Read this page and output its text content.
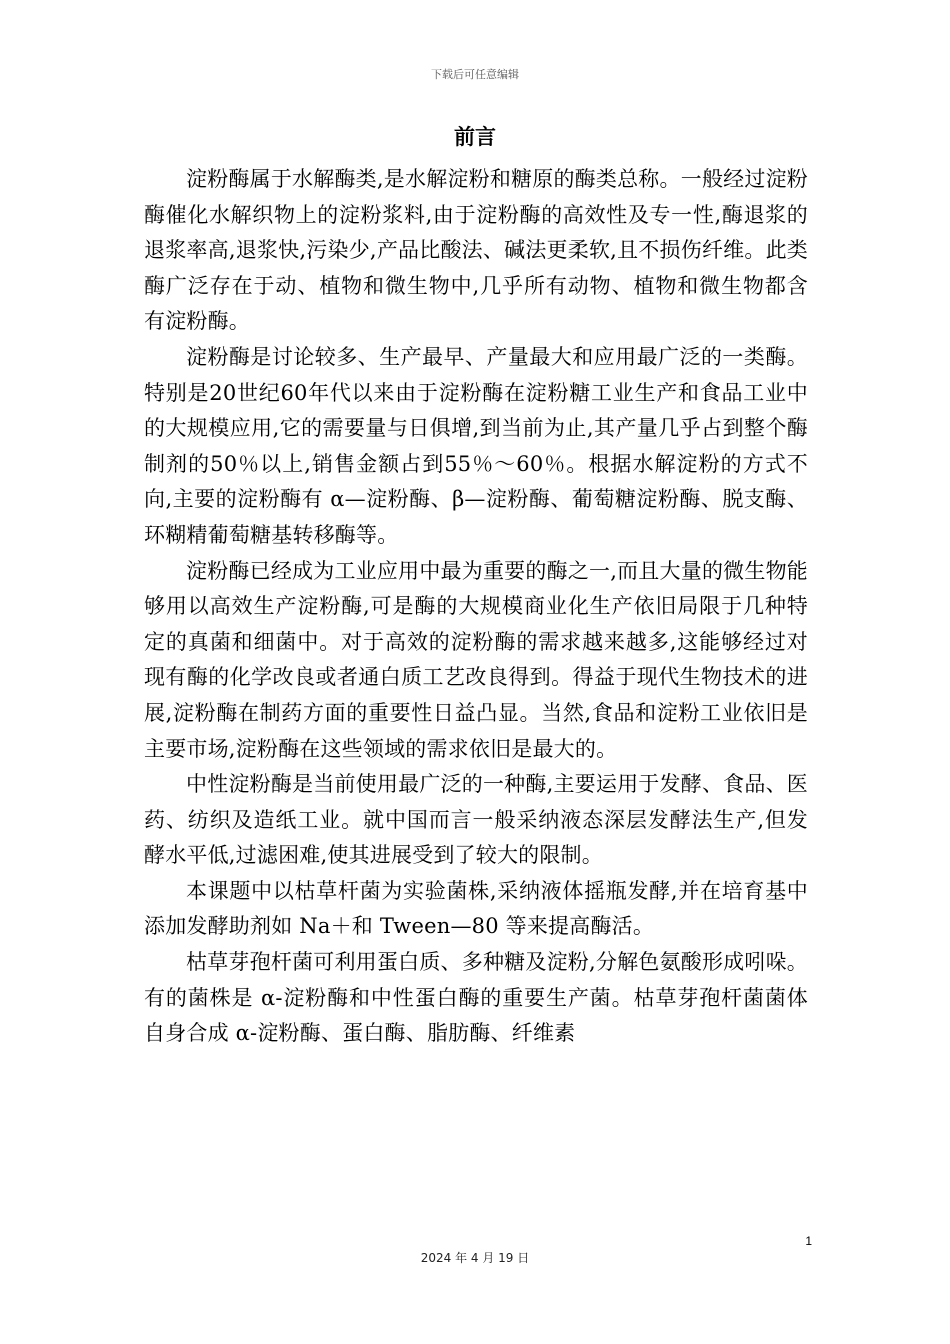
下载后可任意编辑
前言

淀粉酶属于水解酶类,是水解淀粉和糖原的酶类总称。一般经过淀粉酶催化水解织物上的淀粉浆料,由于淀粉酶的高效性及专一性,酶退浆的退浆率高,退浆快,污染少,产品比酸法、碱法更柔软,且不损伤纤维。此类酶广泛存在于动、植物和微生物中,几乎所有动物、植物和微生物都含有淀粉酶。

淀粉酶是讨论较多、生产最早、产量最大和应用最广泛的一类酶。特别是20世纪60年代以来由于淀粉酶在淀粉糖工业生产和食品工业中的大规模应用,它的需要量与日俱增,到当前为止,其产量几乎占到整个酶制剂的50％以上,销售金额占到55％～60％。根据水解淀粉的方式不向,主要的淀粉酶有 α—淀粉酶、β—淀粉酶、葡萄糖淀粉酶、脱支酶、环糊精葡萄糖基转移酶等。

淀粉酶已经成为工业应用中最为重要的酶之一,而且大量的微生物能够用以高效生产淀粉酶,可是酶的大规模商业化生产依旧局限于几种特定的真菌和细菌中。对于高效的淀粉酶的需求越来越多,这能够经过对现有酶的化学改良或者通白质工艺改良得到。得益于现代生物技术的进展,淀粉酶在制药方面的重要性日益凸显。当然,食品和淀粉工业依旧是主要市场,淀粉酶在这些领域的需求依旧是最大的。

中性淀粉酶是当前使用最广泛的一种酶,主要运用于发酵、食品、医药、纺织及造纸工业。就中国而言一般采纳液态深层发酵法生产,但发酵水平低,过滤困难,使其进展受到了较大的限制。

本课题中以枯草杆菌为实验菌株,采纳液体摇瓶发酵,并在培育基中添加发酵助剂如 Na＋和 Tween—80 等来提高酶活。

枯草芽孢杆菌可利用蛋白质、多种糖及淀粉,分解色氨酸形成吲哚。有的菌株是 α-淀粉酶和中性蛋白酶的重要生产菌。枯草芽孢杆菌菌体自身合成 α-淀粉酶、蛋白酶、脂肪酶、纤维素

1
2024 年 4 月 19 日
